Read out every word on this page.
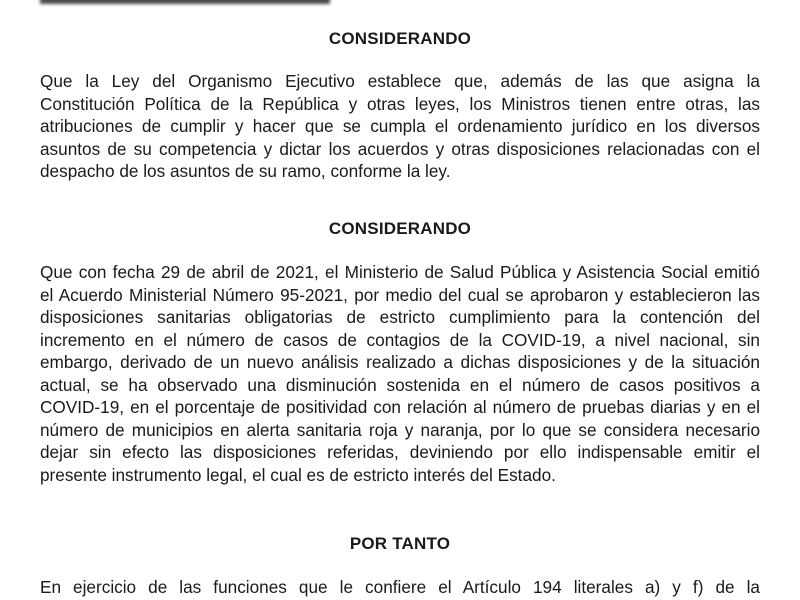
CONSIDERANDO
Que la Ley del Organismo Ejecutivo establece que, además de las que asigna la
Constitución Política de la República y otras leyes, los Ministros tienen entre otras, las
atribuciones de cumplir y hacer que se cumpla el ordenamiento jurídico en los diversos
asuntos de su competencia y dictar los acuerdos y otras disposiciones relacionadas con el
despacho de los asuntos de su ramo, conforme la ley.
CONSIDERANDO
Que con fecha 29 de abril de 2021, el Ministerio de Salud Pública y Asistencia Social emitió
el Acuerdo Ministerial Número 95-2021, por medio del cual se aprobaron y establecieron las
disposiciones sanitarias obligatorias de estricto cumplimiento para la contención del
incremento en el número de casos de contagios de la COVID-19, a nivel nacional, sin
embargo, derivado de un nuevo análisis realizado a dichas disposiciones y de la situación
actual, se ha observado una disminución sostenida en el número de casos positivos a
COVID-19, en el porcentaje de positividad con relación al número de pruebas diarias y en el
número de municipios en alerta sanitaria roja y naranja, por lo que se considera necesario
dejar sin efecto las disposiciones referidas, deviniendo por ello indispensable emitir el
presente instrumento legal, el cual es de estricto interés del Estado.
POR TANTO
En ejercicio de las funciones que le confiere el Artículo 194 literales a) y f) de la
